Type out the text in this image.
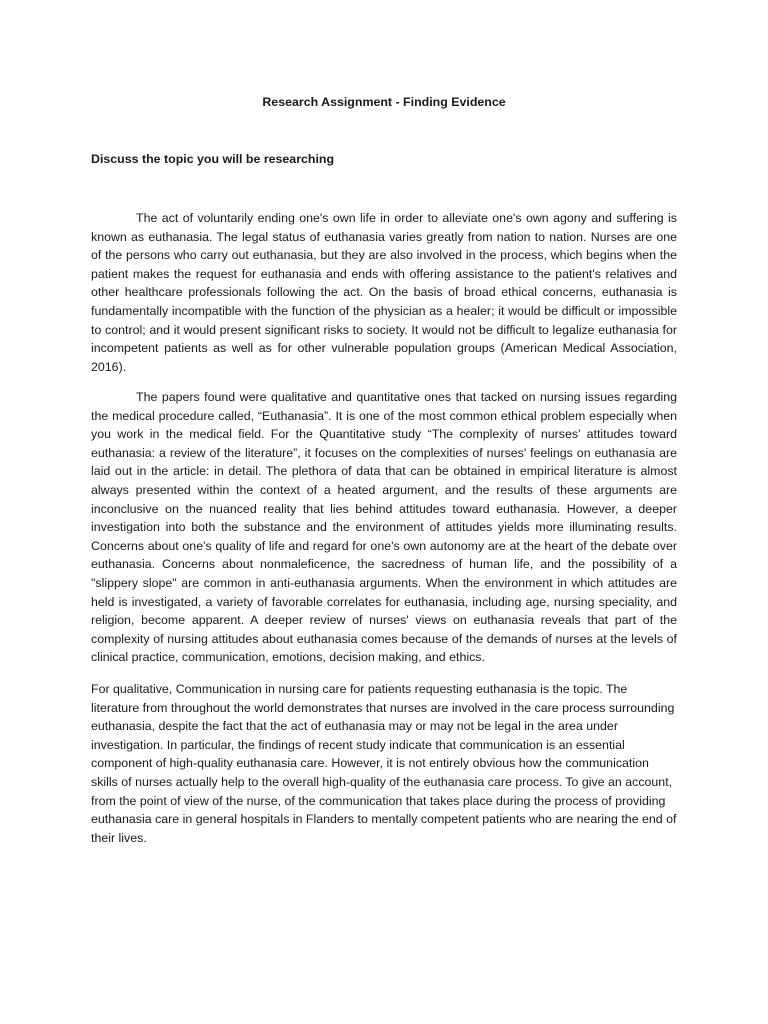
Research Assignment - Finding Evidence
Discuss the topic you will be researching

The act of voluntarily ending one's own life in order to alleviate one's own agony and suffering is known as euthanasia. The legal status of euthanasia varies greatly from nation to nation. Nurses are one of the persons who carry out euthanasia, but they are also involved in the process, which begins when the patient makes the request for euthanasia and ends with offering assistance to the patient's relatives and other healthcare professionals following the act. On the basis of broad ethical concerns, euthanasia is fundamentally incompatible with the function of the physician as a healer; it would be difficult or impossible to control; and it would present significant risks to society. It would not be difficult to legalize euthanasia for incompetent patients as well as for other vulnerable population groups (American Medical Association, 2016).

The papers found were qualitative and quantitative ones that tacked on nursing issues regarding the medical procedure called, “Euthanasia”. It is one of the most common ethical problem especially when you work in the medical field. For the Quantitative study “The complexity of nurses’ attitudes toward euthanasia: a review of the literature”, it focuses on the complexities of nurses' feelings on euthanasia are laid out in the article: in detail. The plethora of data that can be obtained in empirical literature is almost always presented within the context of a heated argument, and the results of these arguments are inconclusive on the nuanced reality that lies behind attitudes toward euthanasia. However, a deeper investigation into both the substance and the environment of attitudes yields more illuminating results. Concerns about one's quality of life and regard for one's own autonomy are at the heart of the debate over euthanasia. Concerns about nonmaleficence, the sacredness of human life, and the possibility of a "slippery slope" are common in anti-euthanasia arguments. When the environment in which attitudes are held is investigated, a variety of favorable correlates for euthanasia, including age, nursing speciality, and religion, become apparent. A deeper review of nurses' views on euthanasia reveals that part of the complexity of nursing attitudes about euthanasia comes because of the demands of nurses at the levels of clinical practice, communication, emotions, decision making, and ethics.

For qualitative, Communication in nursing care for patients requesting euthanasia is the topic. The literature from throughout the world demonstrates that nurses are involved in the care process surrounding euthanasia, despite the fact that the act of euthanasia may or may not be legal in the area under investigation. In particular, the findings of recent study indicate that communication is an essential component of high-quality euthanasia care. However, it is not entirely obvious how the communication skills of nurses actually help to the overall high-quality of the euthanasia care process. To give an account, from the point of view of the nurse, of the communication that takes place during the process of providing euthanasia care in general hospitals in Flanders to mentally competent patients who are nearing the end of their lives.
